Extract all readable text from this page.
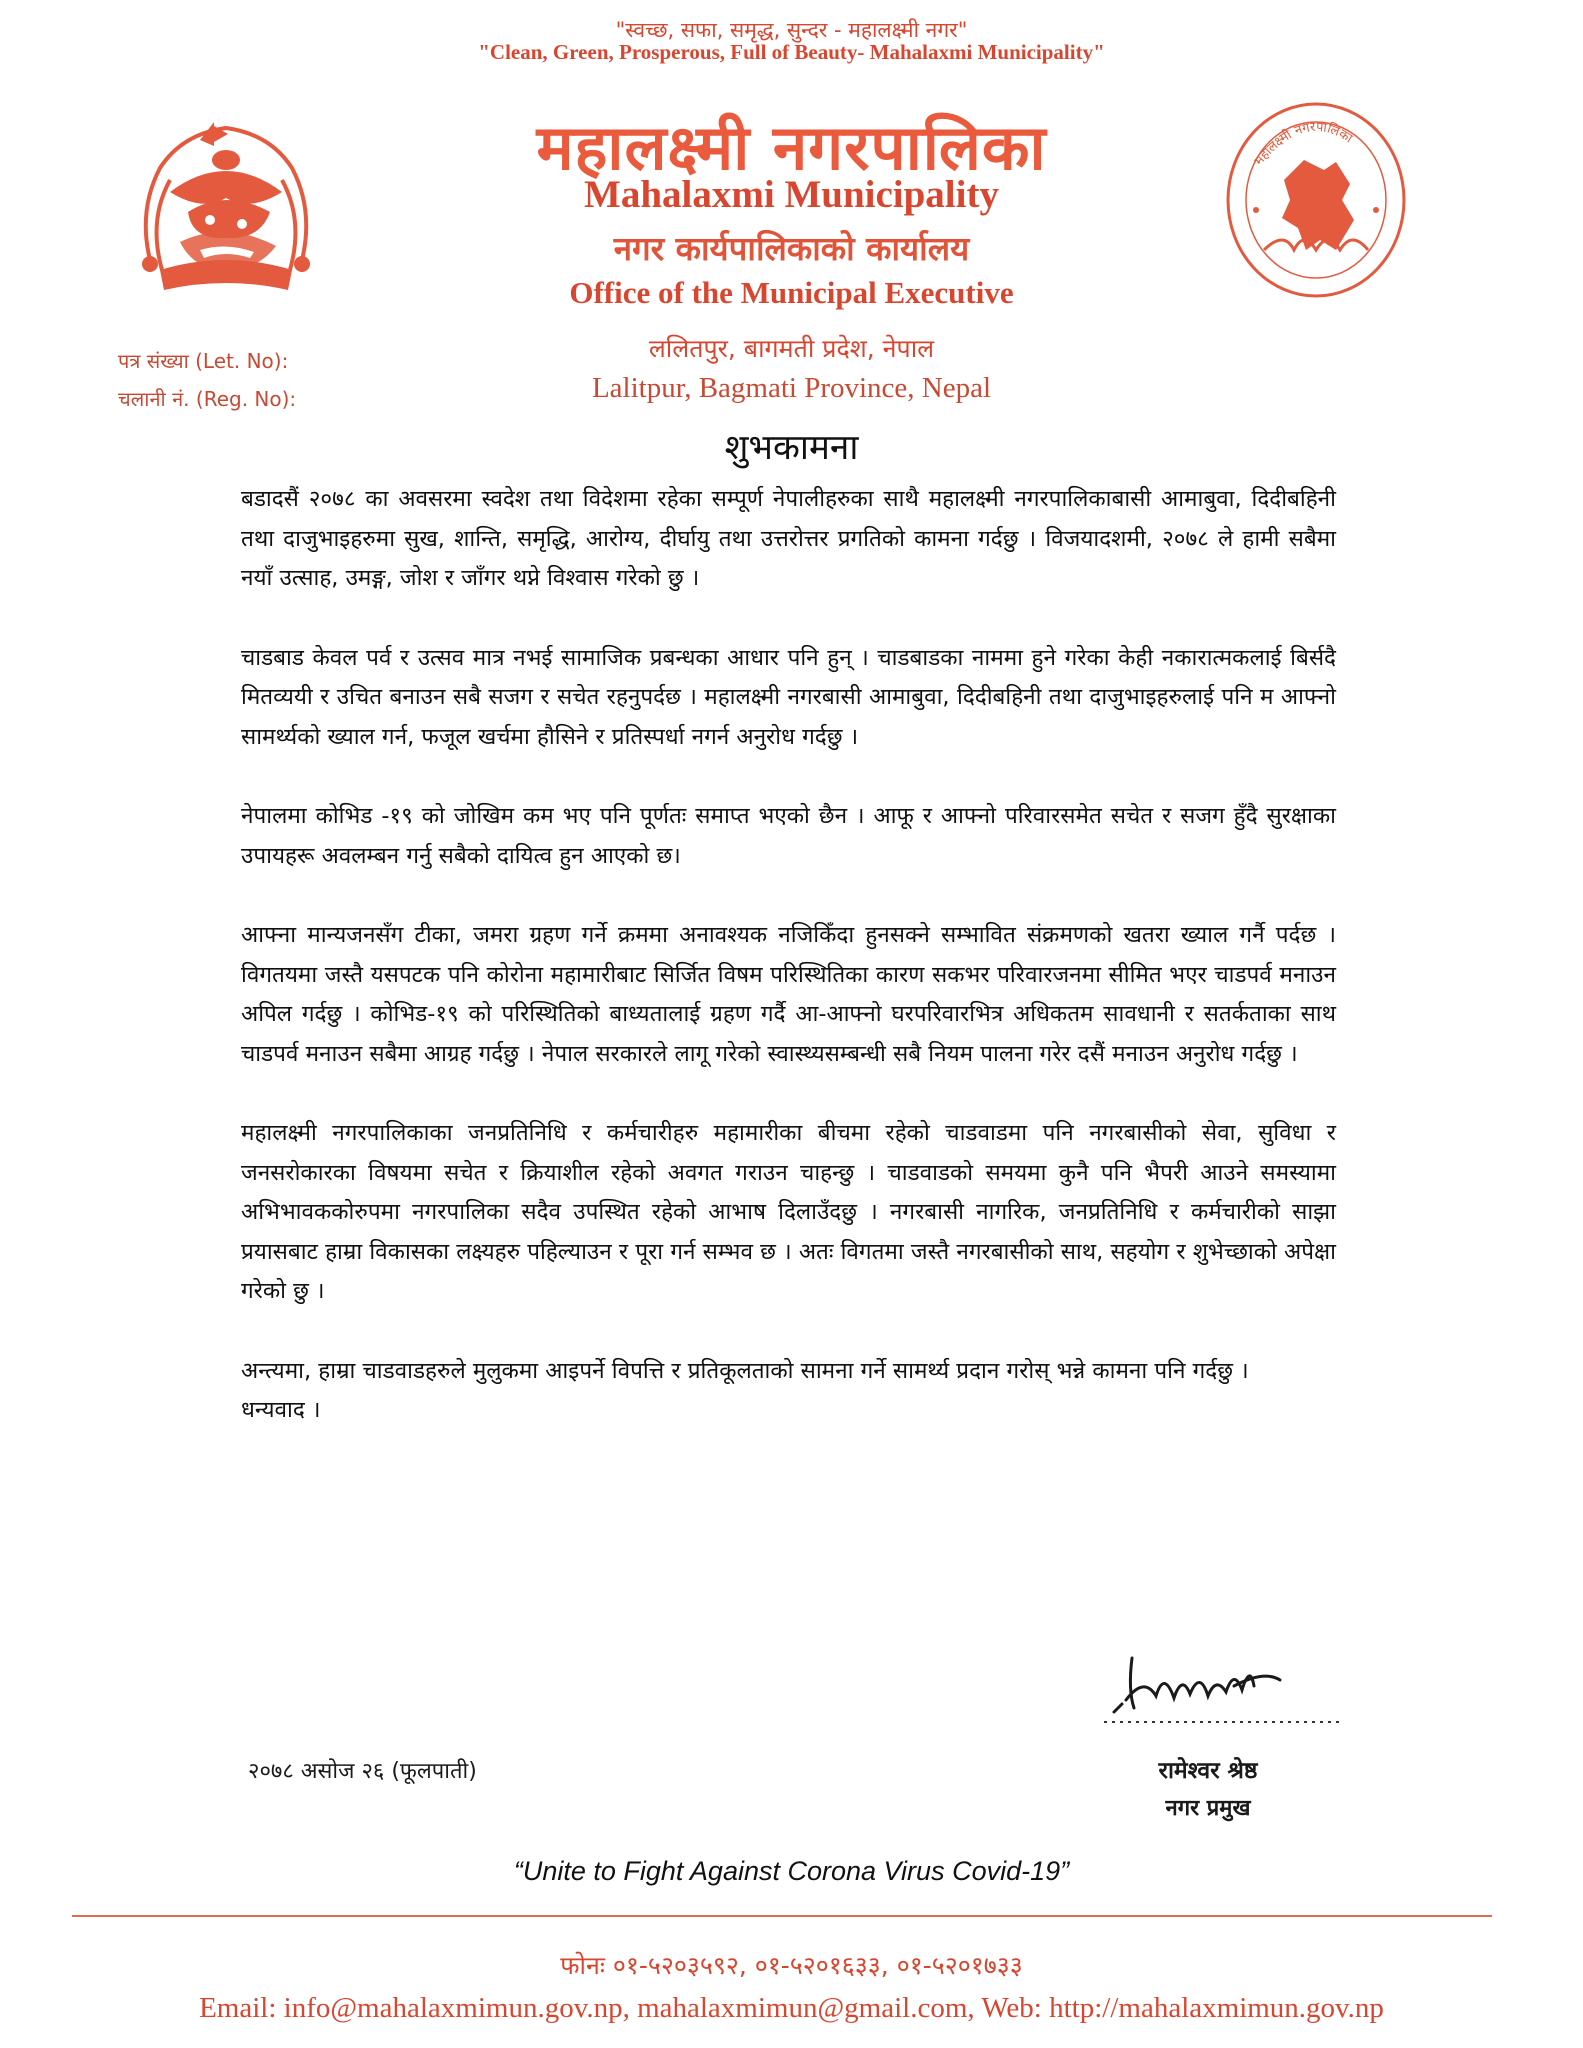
"स्वच्छ, सफा, समृद्ध, सुन्दर - महालक्ष्मी नगर"
"Clean, Green, Prosperous, Full of Beauty- Mahalaxmi Municipality"
महालक्ष्मी नगरपालिका
महालक्ष्मी नगरपालिका
Mahalaxmi Municipality
नगर कार्यपालिकाको कार्यालय
Office of the Municipal Executive
ललितपुर, बागमती प्रदेश, नेपाल
Lalitpur, Bagmati Province, Nepal
पत्र संख्या (Let. No):
चलानी नं. (Reg. No):
शुभकामना

बडादसैं २०७८ का अवसरमा स्वदेश तथा विदेशमा रहेका सम्पूर्ण नेपालीहरुका साथै महालक्ष्मी नगरपालिकाबासी आमाबुवा, दिदीबहिनी तथा दाजुभाइहरुमा सुख, शान्ति, समृद्धि, आरोग्य, दीर्घायु तथा उत्तरोत्तर प्रगतिको कामना गर्दछु । विजयादशमी, २०७८ ले हामी सबैमा नयाँ उत्साह, उमङ्ग, जोश र जाँगर थप्ने विश्वास गरेको छु ।

चाडबाड केवल पर्व र उत्सव मात्र नभई सामाजिक प्रबन्धका आधार पनि हुन् । चाडबाडका नाममा हुने गरेका केही नकारात्मकलाई बिर्सदै मितव्ययी र उचित बनाउन सबै सजग र सचेत रहनुपर्दछ । महालक्ष्मी नगरबासी आमाबुवा, दिदीबहिनी तथा दाजुभाइहरुलाई पनि म आफ्नो सामर्थ्यको ख्याल गर्न, फजूल खर्चमा हौसिने र प्रतिस्पर्धा नगर्न अनुरोध गर्दछु ।

नेपालमा कोभिड -१९ को जोखिम कम भए पनि पूर्णतः समाप्त भएको छैन । आफू र आफ्नो परिवारसमेत सचेत र सजग हुँदै सुरक्षाका उपायहरू अवलम्बन गर्नु सबैको दायित्व हुन आएको छ।

आफ्ना मान्यजनसँग टीका, जमरा ग्रहण गर्ने क्रममा अनावश्यक नजिकिँदा हुनसक्ने सम्भावित संक्रमणको खतरा ख्याल गर्नै पर्दछ । विगतयमा जस्तै यसपटक पनि कोरोना महामारीबाट सिर्जित विषम परिस्थितिका कारण सकभर परिवारजनमा सीमित भएर चाडपर्व मनाउन अपिल गर्दछु । कोभिड-१९ को परिस्थितिको बाध्यतालाई ग्रहण गर्दै आ-आफ्नो घरपरिवारभित्र अधिकतम सावधानी र सतर्कताका साथ चाडपर्व मनाउन सबैमा आग्रह गर्दछु । नेपाल सरकारले लागू गरेको स्वास्थ्यसम्बन्धी सबै नियम पालना गरेर दसैं मनाउन अनुरोध गर्दछु ।

महालक्ष्मी नगरपालिकाका जनप्रतिनिधि र कर्मचारीहरु महामारीका बीचमा रहेको चाडवाडमा पनि नगरबासीको सेवा, सुविधा र जनसरोकारका विषयमा सचेत र क्रियाशील रहेको अवगत गराउन चाहन्छु । चाडवाडको समयमा कुनै पनि भैपरी आउने समस्यामा अभिभावककोरुपमा नगरपालिका सदैव उपस्थित रहेको आभाष दिलाउँदछु । नगरबासी नागरिक, जनप्रतिनिधि र कर्मचारीको साझा प्रयासबाट हाम्रा विकासका लक्ष्यहरु पहिल्याउन र पूरा गर्न सम्भव छ । अतः विगतमा जस्तै नगरबासीको साथ, सहयोग र शुभेच्छाको अपेक्षा गरेको छु ।

अन्त्यमा, हाम्रा चाडवाडहरुले मुलुकमा आइपर्ने विपत्ति र प्रतिकूलताको सामना गर्ने सामर्थ्य प्रदान गरोस् भन्ने कामना पनि गर्दछु ।

धन्यवाद ।

२०७८ असोज २६ (फूलपाती)	रामेश्वर श्रेष्ठ
नगर प्रमुख
“Unite to Fight Against Corona Virus Covid-19”
फोनः ०१-५२०३५९२, ०१-५२०१६३३, ०१-५२०१७३३
Email: info@mahalaxmimun.gov.np, mahalaxmimun@gmail.com, Web: http://mahalaxmimun.gov.np
